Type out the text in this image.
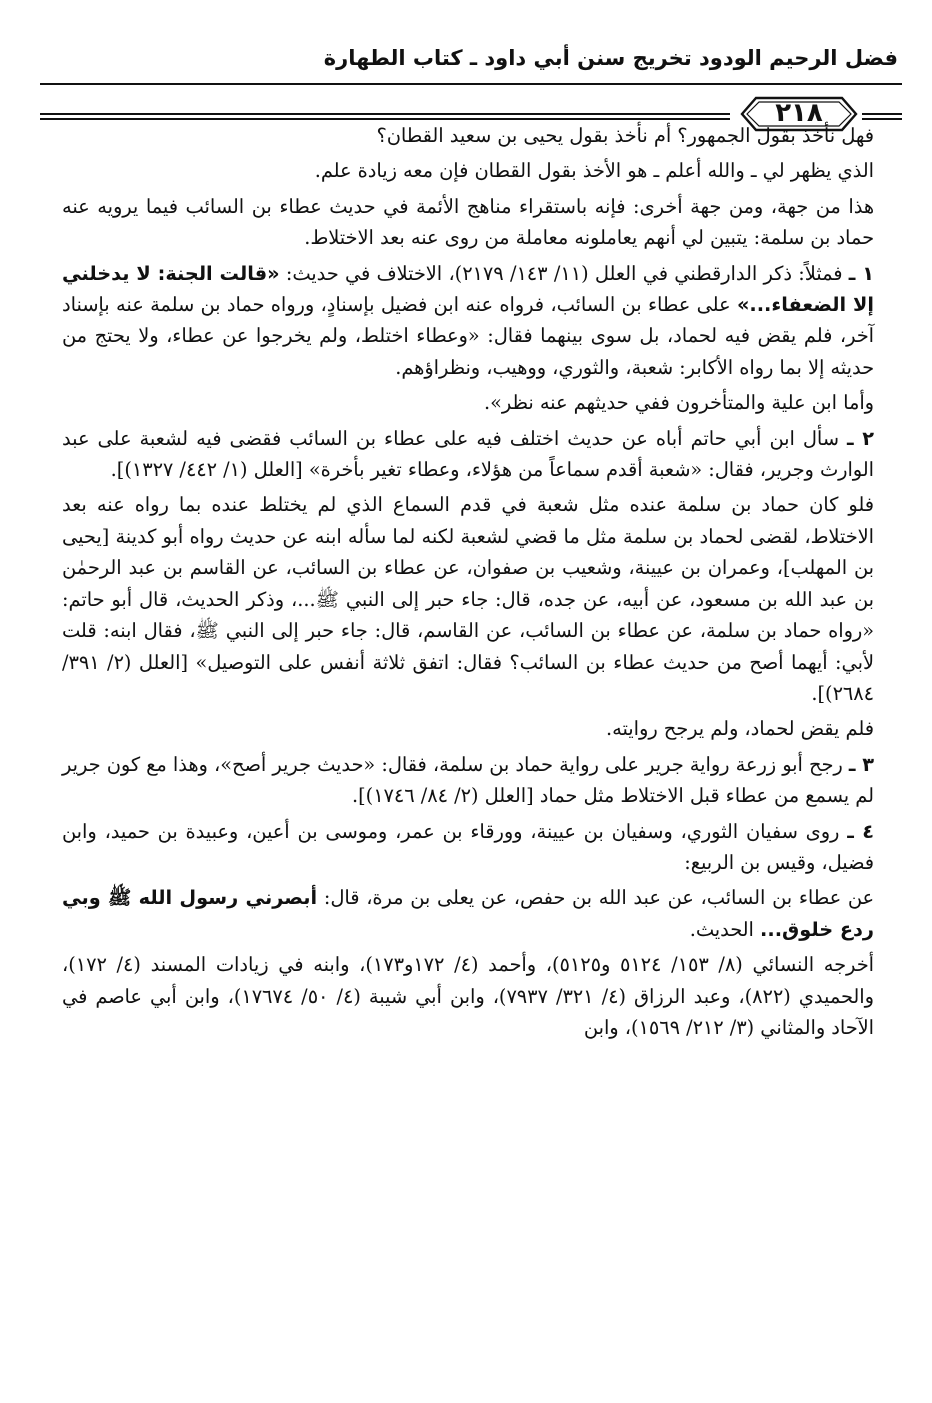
فضل الرحيم الودود تخريج سنن أبي داود ـ كتاب الطهارة
٢١٨

فهل نأخذ بقول الجمهور؟ أم نأخذ بقول يحيى بن سعيد القطان؟

الذي يظهر لي ـ والله أعلم ـ هو الأخذ بقول القطان فإن معه زيادة علم.

هذا من جهة، ومن جهة أخرى: فإنه باستقراء مناهج الأئمة في حديث عطاء بن السائب فيما يرويه عنه حماد بن سلمة: يتبين لي أنهم يعاملونه معاملة من روى عنه بعد الاختلاط.

١ ـ فمثلاً: ذكر الدارقطني في العلل (١١/ ١٤٣/ ٢١٧٩)، الاختلاف في حديث: «قالت الجنة: لا يدخلني إلا الضعفاء...» على عطاء بن السائب، فرواه عنه ابن فضيل بإسنادٍ، ورواه حماد بن سلمة عنه بإسناد آخر، فلم يقض فيه لحماد، بل سوى بينهما فقال: «وعطاء اختلط، ولم يخرجوا عن عطاء، ولا يحتج من حديثه إلا بما رواه الأكابر: شعبة، والثوري، ووهيب، ونظراؤهم.

وأما ابن علية والمتأخرون ففي حديثهم عنه نظر».

٢ ـ سأل ابن أبي حاتم أباه عن حديث اختلف فيه على عطاء بن السائب فقضى فيه لشعبة على عبد الوارث وجرير، فقال: «شعبة أقدم سماعاً من هؤلاء، وعطاء تغير بأخرة» [العلل (١/ ٤٤٢/ ١٣٢٧)].

فلو كان حماد بن سلمة عنده مثل شعبة في قدم السماع الذي لم يختلط عنده بما رواه عنه بعد الاختلاط، لقضى لحماد بن سلمة مثل ما قضي لشعبة لكنه لما سأله ابنه عن حديث رواه أبو كدينة [يحيى بن المهلب]، وعمران بن عيينة، وشعيب بن صفوان، عن عطاء بن السائب، عن القاسم بن عبد الرحمٰن بن عبد الله بن مسعود، عن أبيه، عن جده، قال: جاء حبر إلى النبي ﷺ...، وذكر الحديث، قال أبو حاتم: «رواه حماد بن سلمة، عن عطاء بن السائب، عن القاسم، قال: جاء حبر إلى النبي ﷺ، فقال ابنه: قلت لأبي: أيهما أصح من حديث عطاء بن السائب؟ فقال: اتفق ثلاثة أنفس على التوصيل» [العلل (٢/ ٣٩١/ ٢٦٨٤)].

فلم يقض لحماد، ولم يرجح روايته.

٣ ـ رجح أبو زرعة رواية جرير على رواية حماد بن سلمة، فقال: «حديث جرير أصح»، وهذا مع كون جرير لم يسمع من عطاء قبل الاختلاط مثل حماد [العلل (٢/ ٨٤/ ١٧٤٦)].

٤ ـ روى سفيان الثوري، وسفيان بن عيينة، وورقاء بن عمر، وموسى بن أعين، وعبيدة بن حميد، وابن فضيل، وقيس بن الربيع:

عن عطاء بن السائب، عن عبد الله بن حفص، عن يعلى بن مرة، قال: أبصرني رسول الله ﷺ وبي ردع خلوق... الحديث.

أخرجه النسائي (٨/ ١٥٣/ ٥١٢٤ و٥١٢٥)، وأحمد (٤/ ١٧٢و١٧٣)، وابنه في زيادات المسند (٤/ ١٧٢)، والحميدي (٨٢٢)، وعبد الرزاق (٤/ ٣٢١/ ٧٩٣٧)، وابن أبي شيبة (٤/ ٥٠/ ١٧٦٧٤)، وابن أبي عاصم في الآحاد والمثاني (٣/ ٢١٢/ ١٥٦٩)، وابن
